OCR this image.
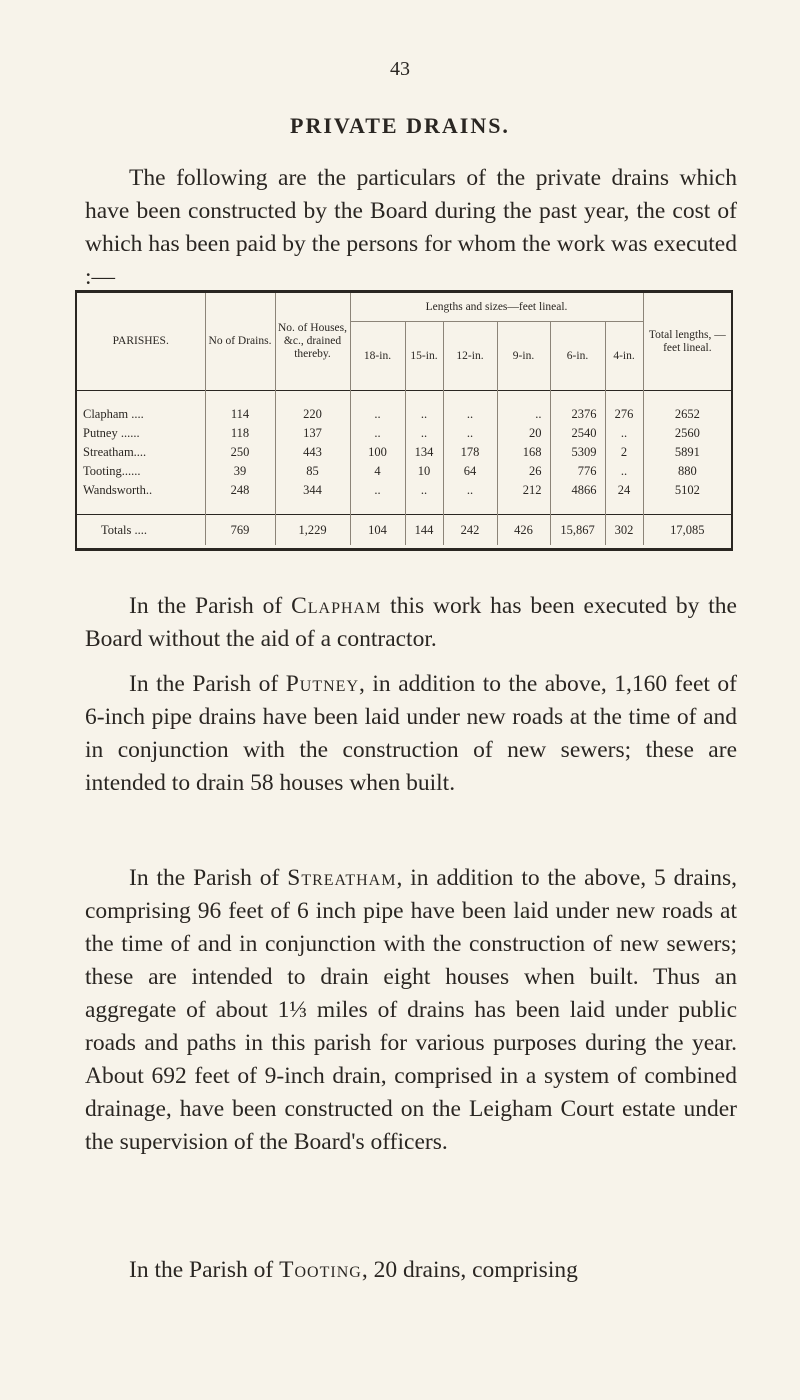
43
PRIVATE DRAINS.

The following are the particulars of the private drains which have been constructed by the Board during the past year, the cost of which has been paid by the persons for whom the work was executed :—

PARISHES.	No of Drains.	No. of Houses, &c., drained thereby.	Lengths and sizes—feet lineal.						Total lengths, — feet lineal.
			18-in.	15-in.	12-in.	9-in.	6-in.	4-in.	

Clapham ....	114	220	..	..	..	..	2376	276	2652
Putney ......	118	137	..	..	..	20	2540	..	2560
Streatham....	250	443	100	134	178	168	5309	2	5891
Tooting......	39	85	4	10	64	26	776	..	880
Wandsworth..	248	344	..	..	..	212	4866	24	5102

Totals ....	769	1,229	104	144	242	426	15,867	302	17,085

In the Parish of Clapham this work has been executed by the Board without the aid of a contractor.

In the Parish of Putney, in addition to the above, 1,160 feet of 6-inch pipe drains have been laid under new roads at the time of and in conjunction with the construction of new sewers; these are intended to drain 58 houses when built.

In the Parish of Streatham, in addition to the above, 5 drains, comprising 96 feet of 6 inch pipe have been laid under new roads at the time of and in conjunction with the construction of new sewers; these are intended to drain eight houses when built. Thus an aggregate of about 1⅓ miles of drains has been laid under public roads and paths in this parish for various purposes during the year. About 692 feet of 9-inch drain, comprised in a system of combined drainage, have been constructed on the Leigham Court estate under the supervision of the Board's officers.

In the Parish of Tooting, 20 drains, comprising
